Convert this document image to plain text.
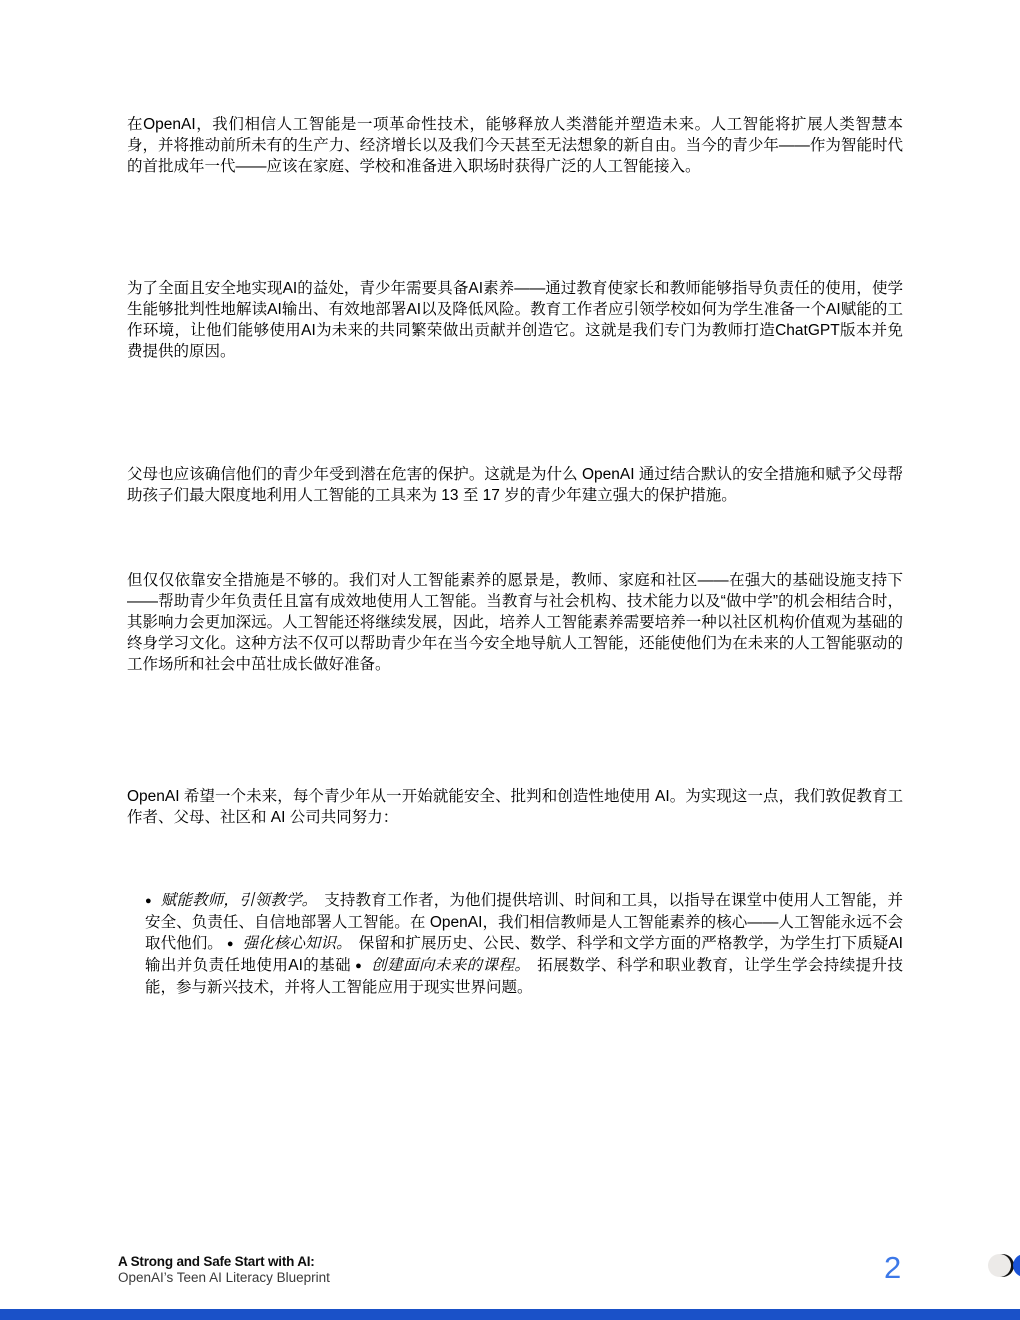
在OpenAI，我们相信人工智能是一项革命性技术，能够释放人类潜能并塑造未来。人工智能将扩展人类智慧本身，并将推动前所未有的生产力、经济增长以及我们今天甚至无法想象的新自由。当今的青少年——作为智能时代的首批成年一代——应该在家庭、学校和准备进入职场时获得广泛的人工智能接入。

为了全面且安全地实现AI的益处，青少年需要具备AI素养——通过教育使家长和教师能够指导负责任的使用，使学生能够批判性地解读AI输出、有效地部署AI以及降低风险。教育工作者应引领学校如何为学生准备一个AI赋能的工作环境，让他们能够使用AI为未来的共同繁荣做出贡献并创造它。这就是我们专门为教师打造ChatGPT版本并免费提供的原因。

父母也应该确信他们的青少年受到潜在危害的保护。这就是为什么 OpenAI 通过结合默认的安全措施和赋予父母帮助孩子们最大限度地利用人工智能的工具来为 13 至 17 岁的青少年建立强大的保护措施。

但仅仅依靠安全措施是不够的。我们对人工智能素养的愿景是，教师、家庭和社区——在强大的基础设施支持下——帮助青少年负责任且富有成效地使用人工智能。当教育与社会机构、技术能力以及“做中学”的机会相结合时，其影响力会更加深远。人工智能还将继续发展，因此，培养人工智能素养需要培养一种以社区机构价值观为基础的终身学习文化。这种方法不仅可以帮助青少年在当今安全地导航人工智能，还能使他们为在未来的人工智能驱动的工作场所和社会中茁壮成长做好准备。

OpenAI 希望一个未来，每个青少年从一开始就能安全、批判和创造性地使用 AI。为实现这一点，我们敦促教育工作者、父母、社区和 AI 公司共同努力：

● 赋能教师，引领教学。 支持教育工作者，为他们提供培训、时间和工具，以指导在课堂中使用人工智能，并安全、负责任、自信地部署人工智能。在 OpenAI，我们相信教师是人工智能素养的核心——人工智能永远不会取代他们。 ● 强化核心知识。 保留和扩展历史、公民、数学、科学和文学方面的严格教学，为学生打下质疑AI输出并负责任地使用AI的基础 ● 创建面向未来的课程。 拓展数学、科学和职业教育，让学生学会持续提升技能，参与新兴技术，并将人工智能应用于现实世界问题。

A Strong and Safe Start with AI:

OpenAI’s Teen AI Literacy Blueprint	2
